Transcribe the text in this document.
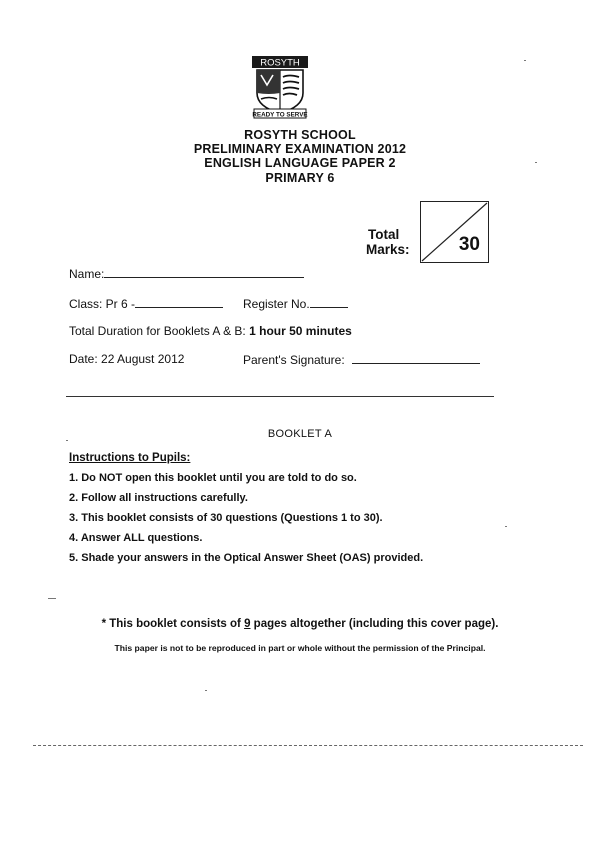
ROSYTH
READY TO SERVE
ROSYTH SCHOOL
PRELIMINARY EXAMINATION 2012
ENGLISH LANGUAGE PAPER 2
PRIMARY 6
Total
Marks:	30
Name:
Class: Pr 6 -	Register No.
Total Duration for Booklets A & B: 1 hour 50 minutes
Date: 22 August 2012	Parent's Signature:
BOOKLET A
Instructions to Pupils:
1. Do NOT open this booklet until you are told to do so.
2. Follow all instructions carefully.
3. This booklet consists of 30 questions (Questions 1 to 30).
4. Answer ALL questions.
5. Shade your answers in the Optical Answer Sheet (OAS) provided.
* This booklet consists of 9 pages altogether (including this cover page).
This paper is not to be reproduced in part or whole without the permission of the Principal.
